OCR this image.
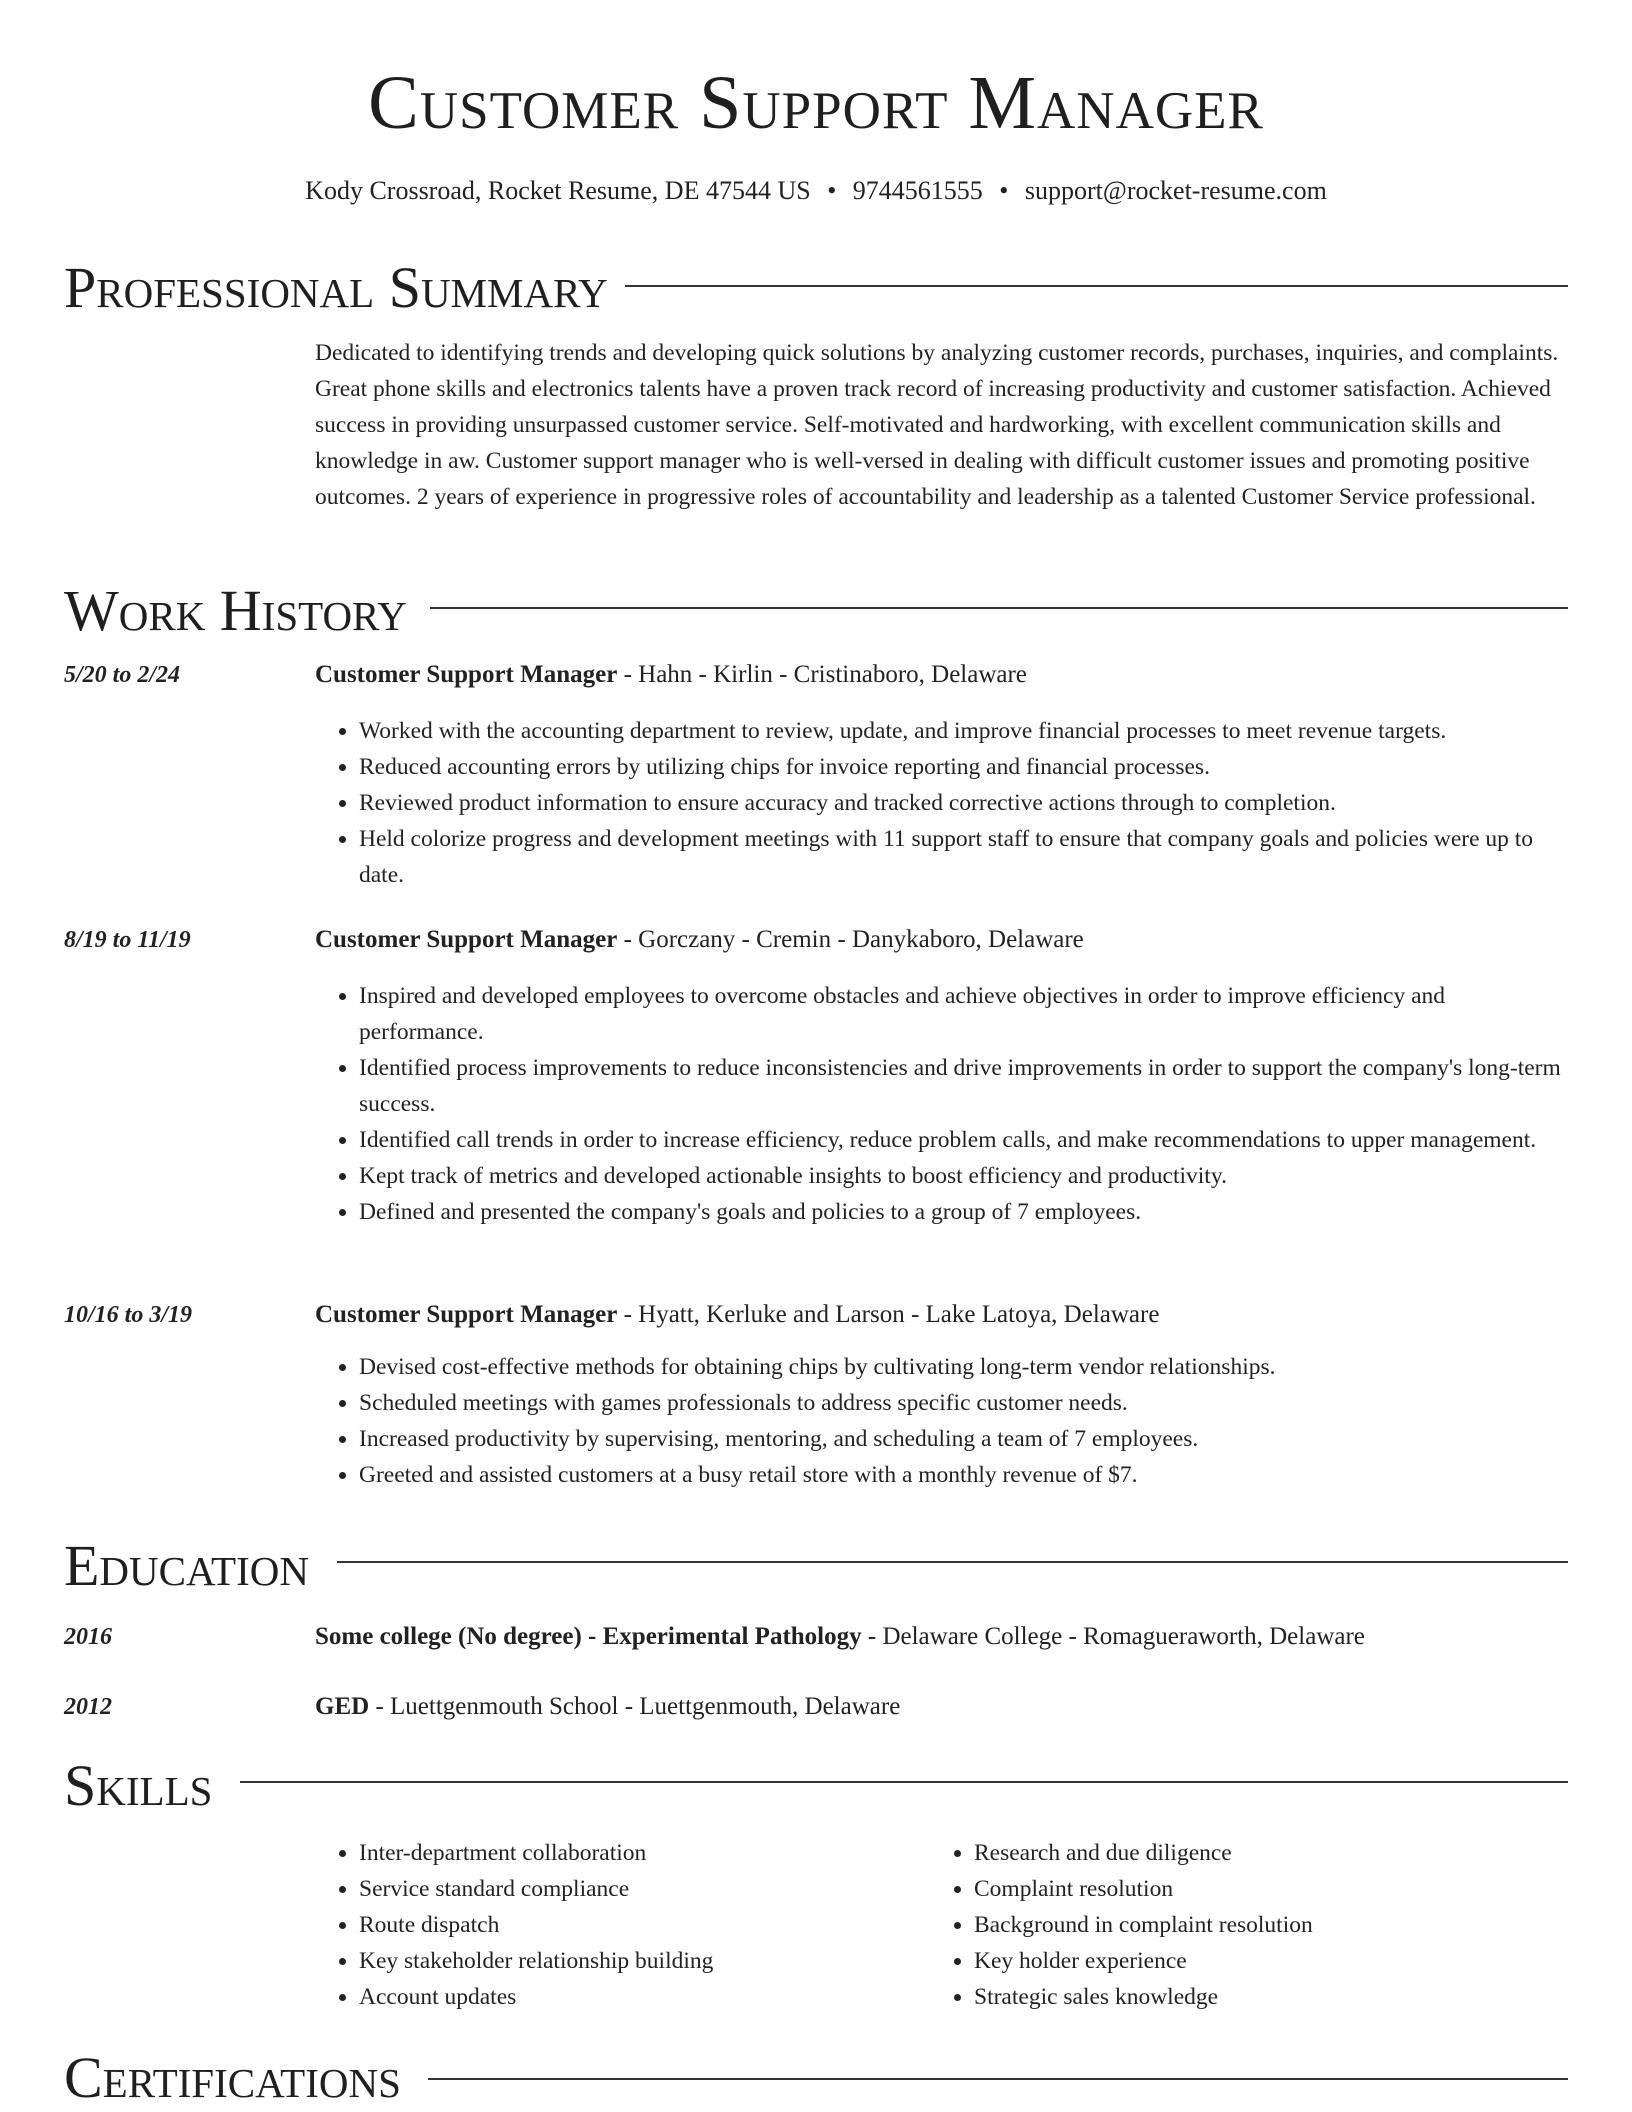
Customer Support Manager
Kody Crossroad, Rocket Resume, DE 47544 US • 9744561555 • support@rocket-resume.com
Professional Summary
Dedicated to identifying trends and developing quick solutions by analyzing customer records, purchases, inquiries, and complaints. Great phone skills and electronics talents have a proven track record of increasing productivity and customer satisfaction. Achieved success in providing unsurpassed customer service. Self-motivated and hardworking, with excellent communication skills and knowledge in aw. Customer support manager who is well-versed in dealing with difficult customer issues and promoting positive outcomes. 2 years of experience in progressive roles of accountability and leadership as a talented Customer Service professional.
Work History
5/20 to 2/24	Customer Support Manager - Hahn - Kirlin - Cristinaboro, Delaware
• Worked with the accounting department to review, update, and improve financial processes to meet revenue targets.
• Reduced accounting errors by utilizing chips for invoice reporting and financial processes.
• Reviewed product information to ensure accuracy and tracked corrective actions through to completion.
• Held colorize progress and development meetings with 11 support staff to ensure that company goals and policies were up to date.
8/19 to 11/19	Customer Support Manager - Gorczany - Cremin - Danykaboro, Delaware
• Inspired and developed employees to overcome obstacles and achieve objectives in order to improve efficiency and performance.
• Identified process improvements to reduce inconsistencies and drive improvements in order to support the company's long-term success.
• Identified call trends in order to increase efficiency, reduce problem calls, and make recommendations to upper management.
• Kept track of metrics and developed actionable insights to boost efficiency and productivity.
• Defined and presented the company's goals and policies to a group of 7 employees.
10/16 to 3/19	Customer Support Manager - Hyatt, Kerluke and Larson - Lake Latoya, Delaware
• Devised cost-effective methods for obtaining chips by cultivating long-term vendor relationships.
• Scheduled meetings with games professionals to address specific customer needs.
• Increased productivity by supervising, mentoring, and scheduling a team of 7 employees.
• Greeted and assisted customers at a busy retail store with a monthly revenue of $7.
Education
2016	Some college (No degree) - Experimental Pathology - Delaware College - Romagueraworth, Delaware
2012	GED - Luettgenmouth School - Luettgenmouth, Delaware
Skills
• Inter-department collaboration
• Service standard compliance
• Route dispatch
• Key stakeholder relationship building
• Account updates
• Research and due diligence
• Complaint resolution
• Background in complaint resolution
• Key holder experience
• Strategic sales knowledge
Certifications
